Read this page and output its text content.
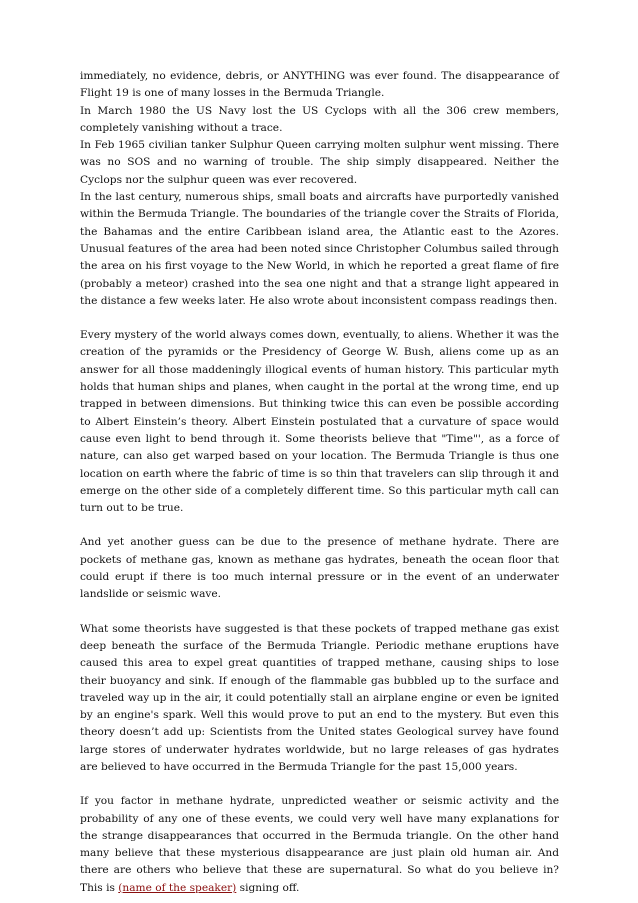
immediately, no evidence, debris, or ANYTHING was ever found. The disappearance of Flight 19 is one of many losses in the Bermuda Triangle.

In March 1980 the US Navy lost the US Cyclops with all the 306 crew members, completely vanishing without a trace.

In Feb 1965 civilian tanker Sulphur Queen carrying molten sulphur went missing. There was no SOS and no warning of trouble. The ship simply disappeared. Neither the Cyclops nor the sulphur queen was ever recovered.

In the last century, numerous ships, small boats and aircrafts have purportedly vanished within the Bermuda Triangle. The boundaries of the triangle cover the Straits of Florida, the Bahamas and the entire Caribbean island area, the Atlantic east to the Azores. Unusual features of the area had been noted since Christopher Columbus sailed through the area on his first voyage to the New World, in which he reported a great flame of fire (probably a meteor) crashed into the sea one night and that a strange light appeared in the distance a few weeks later. He also wrote about inconsistent compass readings then.

Every mystery of the world always comes down, eventually, to aliens. Whether it was the creation of the pyramids or the Presidency of George W. Bush, aliens come up as an answer for all those maddeningly illogical events of human history. This particular myth holds that human ships and planes, when caught in the portal at the wrong time, end up trapped in between dimensions. But thinking twice this can even be possible according to Albert Einstein’s theory. Albert Einstein postulated that a curvature of space would cause even light to bend through it. Some theorists believe that "Time"', as a force of nature, can also get warped based on your location. The Bermuda Triangle is thus one location on earth where the fabric of time is so thin that travelers can slip through it and emerge on the other side of a completely different time. So this particular myth call can turn out to be true.

And yet another guess can be due to the presence of methane hydrate. There are pockets of methane gas, known as methane gas hydrates, beneath the ocean floor that could erupt if there is too much internal pressure or in the event of an underwater landslide or seismic wave.

What some theorists have suggested is that these pockets of trapped methane gas exist deep beneath the surface of the Bermuda Triangle. Periodic methane eruptions have caused this area to expel great quantities of trapped methane, causing ships to lose their buoyancy and sink. If enough of the flammable gas bubbled up to the surface and traveled way up in the air, it could potentially stall an airplane engine or even be ignited by an engine's spark. Well this would prove to put an end to the mystery. But even this theory doesn’t add up: Scientists from the United states Geological survey have found large stores of underwater hydrates worldwide, but no large releases of gas hydrates are believed to have occurred in the Bermuda Triangle for the past 15,000 years.

If you factor in methane hydrate, unpredicted weather or seismic activity and the probability of any one of these events, we could very well have many explanations for the strange disappearances that occurred in the Bermuda triangle. On the other hand many believe that these mysterious disappearance are just plain old human air. And there are others who believe that these are supernatural. So what do you believe in? This is (name of the speaker) signing off.
